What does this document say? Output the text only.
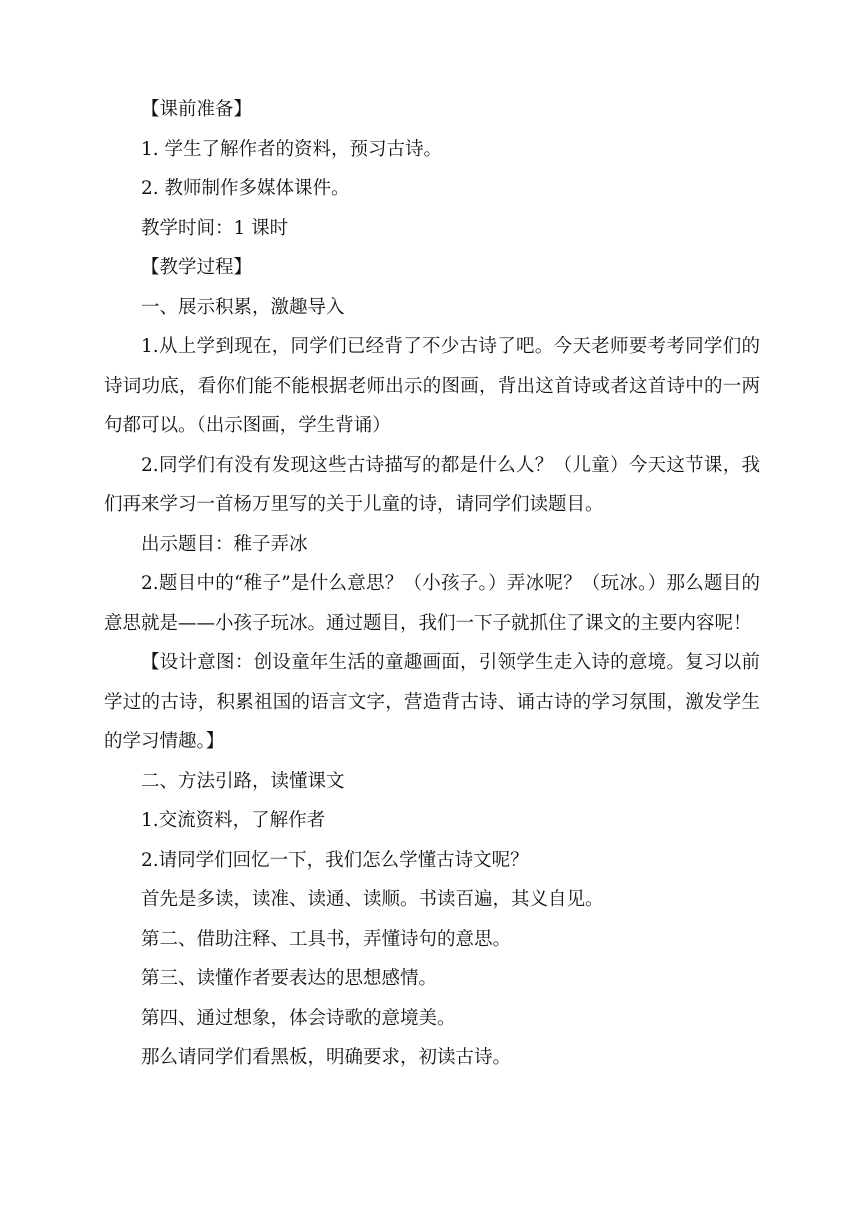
【课前准备】

1. 学生了解作者的资料，预习古诗。

2. 教师制作多媒体课件。

教学时间：1 课时

【教学过程】

一、展示积累，激趣导入

1.从上学到现在，同学们已经背了不少古诗了吧。今天老师要考考同学们的诗词功底，看你们能不能根据老师出示的图画，背出这首诗或者这首诗中的一两句都可以。（出示图画，学生背诵）

2.同学们有没有发现这些古诗描写的都是什么人？（儿童）今天这节课，我们再来学习一首杨万里写的关于儿童的诗，请同学们读题目。

出示题目：稚子弄冰

2.题目中的“稚子”是什么意思？（小孩子。）弄冰呢？（玩冰。）那么题目的意思就是——小孩子玩冰。通过题目，我们一下子就抓住了课文的主要内容呢！

【设计意图：创设童年生活的童趣画面，引领学生走入诗的意境。复习以前学过的古诗，积累祖国的语言文字，营造背古诗、诵古诗的学习氛围，激发学生的学习情趣。】

二、方法引路，读懂课文

1.交流资料，了解作者

2.请同学们回忆一下，我们怎么学懂古诗文呢？

首先是多读，读准、读通、读顺。书读百遍，其义自见。

第二、借助注释、工具书，弄懂诗句的意思。

第三、读懂作者要表达的思想感情。

第四、通过想象，体会诗歌的意境美。

那么请同学们看黑板，明确要求，初读古诗。
